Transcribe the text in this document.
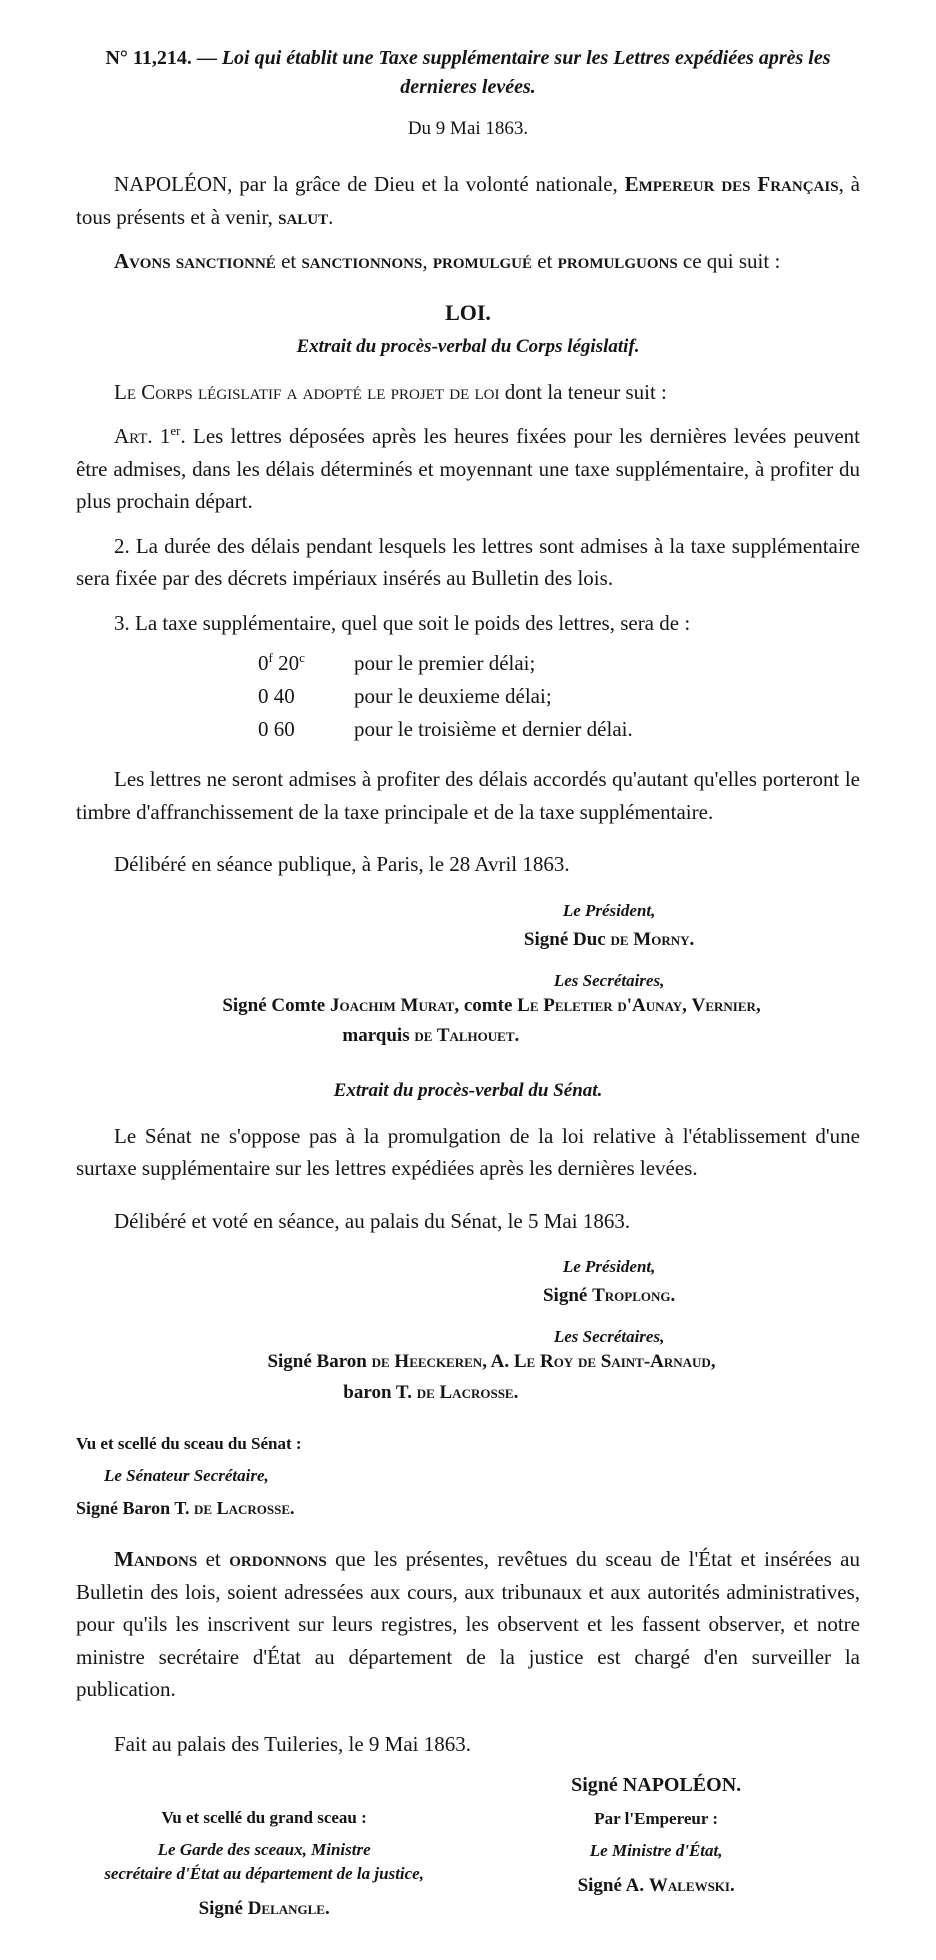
N° 11,214. — Loi qui établit une Taxe supplémentaire sur les Lettres expédiées après les dernieres levées.

Du 9 Mai 1863.

NAPOLÉON, par la grâce de Dieu et la volonté nationale, Empereur des Français, à tous présents et à venir, salut.

Avons sanctionné et sanctionnons, promulgué et promulguons ce qui suit :

LOI.
Extrait du procès-verbal du Corps législatif.

Le Corps législatif a adopté le projet de loi dont la teneur suit :

Art. 1er. Les lettres déposées après les heures fixées pour les dernières levées peuvent être admises, dans les délais déterminés et moyennant une taxe supplémentaire, à profiter du plus prochain départ.

2. La durée des délais pendant lesquels les lettres sont admises à la taxe supplémentaire sera fixée par des décrets impériaux insérés au Bulletin des lois.

3. La taxe supplémentaire, quel que soit le poids des lettres, sera de :

0$^f$ 20$^c$ pour le premier délai;
0 40	pour le deuxieme délai;
0 60	pour le troisième et dernier délai.

Les lettres ne seront admises à profiter des délais accordés qu'autant qu'elles porteront le timbre d'affranchissement de la taxe principale et de la taxe supplémentaire.

Délibéré en séance publique, à Paris, le 28 Avril 1863.

Le Président,
Signé Duc de Morny.
Les Secrétaires,
Signé Comte Joachim Murat, comte Le Peletier d'Aunay, Vernier,
marquis de Talhouet.
Extrait du procès-verbal du Sénat.

Le Sénat ne s'oppose pas à la promulgation de la loi relative à l'établissement d'une surtaxe supplémentaire sur les lettres expédiées après les dernières levées.

Délibéré et voté en séance, au palais du Sénat, le 5 Mai 1863.

Le Président,
Signé Troplong.
Les Secrétaires,
Signé Baron de Heeckeren, A. Le Roy de Saint-Arnaud,
baron T. de Lacrosse.

Vu et scellé du sceau du Sénat :

Le Sénateur Secrétaire,

Signé Baron T. de Lacrosse.

Mandons et ordonnons que les présentes, revêtues du sceau de l'État et insérées au Bulletin des lois, soient adressées aux cours, aux tribunaux et aux autorités administratives, pour qu'ils les inscrivent sur leurs registres, les observent et les fassent observer, et notre ministre secrétaire d'État au département de la justice est chargé d'en surveiller la publication.

Fait au palais des Tuileries, le 9 Mai 1863.

Vu et scellé du grand sceau :
Le Garde des sceaux, Ministre
secrétaire d'État au département de la justice,
Signé Delangle.
Signé NAPOLÉON.
Par l'Empereur :
Le Ministre d'État,
Signé A. Walewski.
